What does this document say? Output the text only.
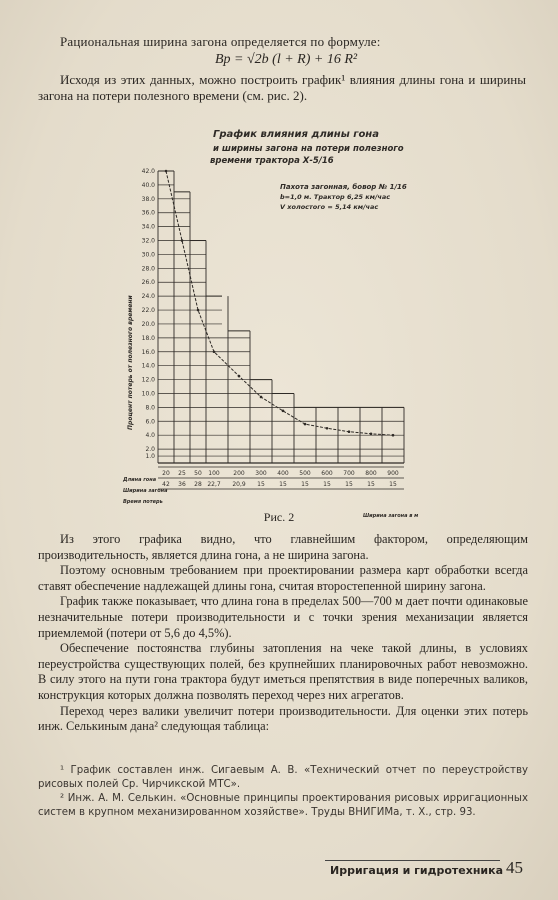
Рациональная ширина загона определяется по формуле:
Bр = √2b (l + R) + 16 R²
Исходя из этих данных, можно построить график¹ влияния длины гона и ширины загона на потери полезного времени (см. рис. 2).
График влияния длины гона
и ширины загона на потери полезного
времени трактора Х-5/16
Пахота загонная, бовор № 1/16
b=1,0 м. Трактор 6,25 км/час
V холостого = 5,14 км/час
Процент потерь от полезного времени
Ширина загона в м
Длина гона
Ширина загона
Время потерь
1.0
2.0
4.0
6.0
8.0
10.0
12.0
14.0
16.0
18.0
20.0
22.0
24.0
26.0
28.0
30.0
32.0
34.0
36.0
38.0
40.0
42.0
20 25 50 100 200 300 400 500 600 700 800 900
42 36 28 22,7 20,9 15 15 15 15 15 15 15
Рис. 2

Из этого графика видно, что главнейшим фактором, определяющим производительность, является длина гона, а не ширина загона.

Поэтому основным требованием при проектировании размера карт обработки всегда ставят обеспечение надлежащей длины гона, считая второстепенной ширину загона.

График также показывает, что длина гона в пределах 500—700 м дает почти одинаковые незначительные потери производительности и с точки зрения механизации является приемлемой (потери от 5,6 до 4,5%).

Обеспечение постоянства глубины затопления на чеке такой длины, в условиях переустройства существующих полей, без крупнейших планировочных работ невозможно. В силу этого на пути гона трактора будут иметься препятствия в виде поперечных валиков, конструкция которых должна позволять переход через них агрегатов.

Переход через валики увеличит потери производительности. Для оценки этих потерь инж. Селькиным дана² следующая таблица:

¹ График составлен инж. Сигаевым А. В. «Технический отчет по переустройству рисовых полей Ср. Чирчикской МТС».

² Инж. А. М. Селькин. «Основные принципы проектирования рисовых ирригационных систем в крупном механизированном хозяйстве». Труды ВНИГИМа, т. X., стр. 93.

Ирригация и гидротехника 45
